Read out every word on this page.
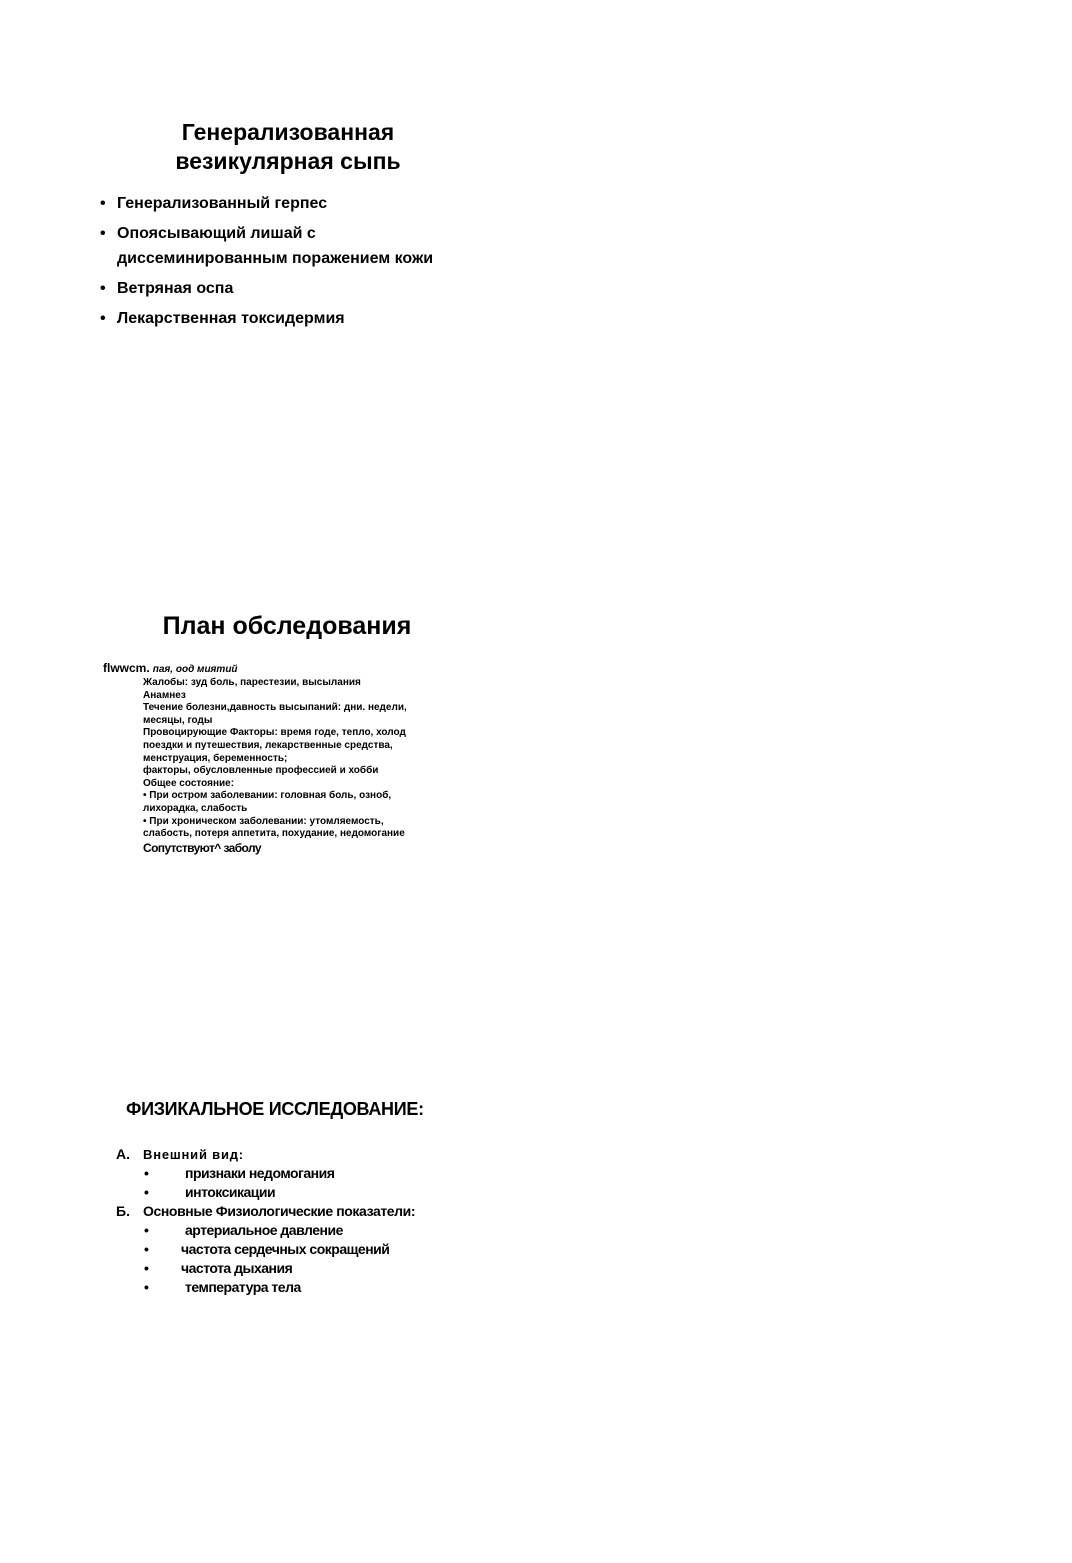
Генерализованная
везикулярная сыпь
• Генерализованный герпес
• Опоясывающий лишай с
диссеминированным поражением кожи
• Ветряная оспа
• Лекарственная токсидермия
План обследования
flwwcm. пая, оод миятий
Жалобы: зуд боль, парестезии, высылания
Анамнез
Течение болезни,давность высыпаний: дни. недели,
месяцы, годы
Провоцирующие Факторы: время годе, тепло, холод
поездки и путешествия, лекарственные средства,
менструация, беременность;
факторы, обусловленные профессией и хобби
Общее состояние:
• При остром заболевании: головная боль, озноб,
лихорадка, слабость
• При хроническом заболевании: утомляемость,
слабость, потеря аппетита, похудание, недомогание
Сопутствуют^ заболу
ФИЗИКАЛЬНОЕ ИССЛЕДОВАНИЕ:
А. Внешний вид:
•	признаки недомогания
•	интоксикации
Б. Основные Физиологические показатели:
•	артериальное давление
• частота сердечных сокращений
• частота дыхания
•	температура тела
